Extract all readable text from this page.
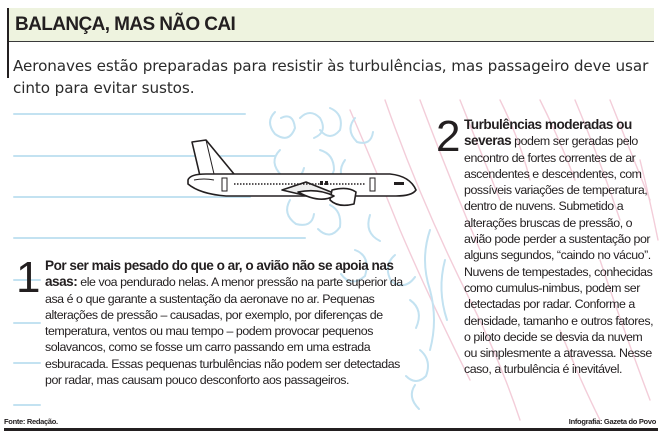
BALANÇA, MAS NÃO CAI

Aeronaves estão preparadas para resistir às turbulências, mas passageiro deve usar cinto para evitar sustos.

1 Por ser mais pesado do que o ar, o avião não se apoia nas asas: ele voa pendurado nelas. A menor pressão na parte superior da asa é o que garante a sustentação da aeronave no ar. Pequenas alterações de pressão – causadas, por exemplo, por diferenças de temperatura, ventos ou mau tempo – podem provocar pequenos solavancos, como se fosse um carro passando em uma estrada esburacada. Essas pequenas turbulências não podem ser detectadas por radar, mas causam pouco desconforto aos passageiros.

2 Turbulências moderadas ou severas podem ser geradas pelo encontro de fortes correntes de ar ascendentes e descendentes, com possíveis variações de temperatura, dentro de nuvens. Submetido a alterações bruscas de pressão, o avião pode perder a sustentação por alguns segundos, “caindo no vácuo”. Nuvens de tempestades, conhecidas como cumulus-nimbus, podem ser detectadas por radar. Conforme a densidade, tamanho e outros fatores, o piloto decide se desvia da nuvem ou simplesmente a atravessa. Nesse caso, a turbulência é inevitável.

Fonte: Redação.	Infografia: Gazeta do Povo
